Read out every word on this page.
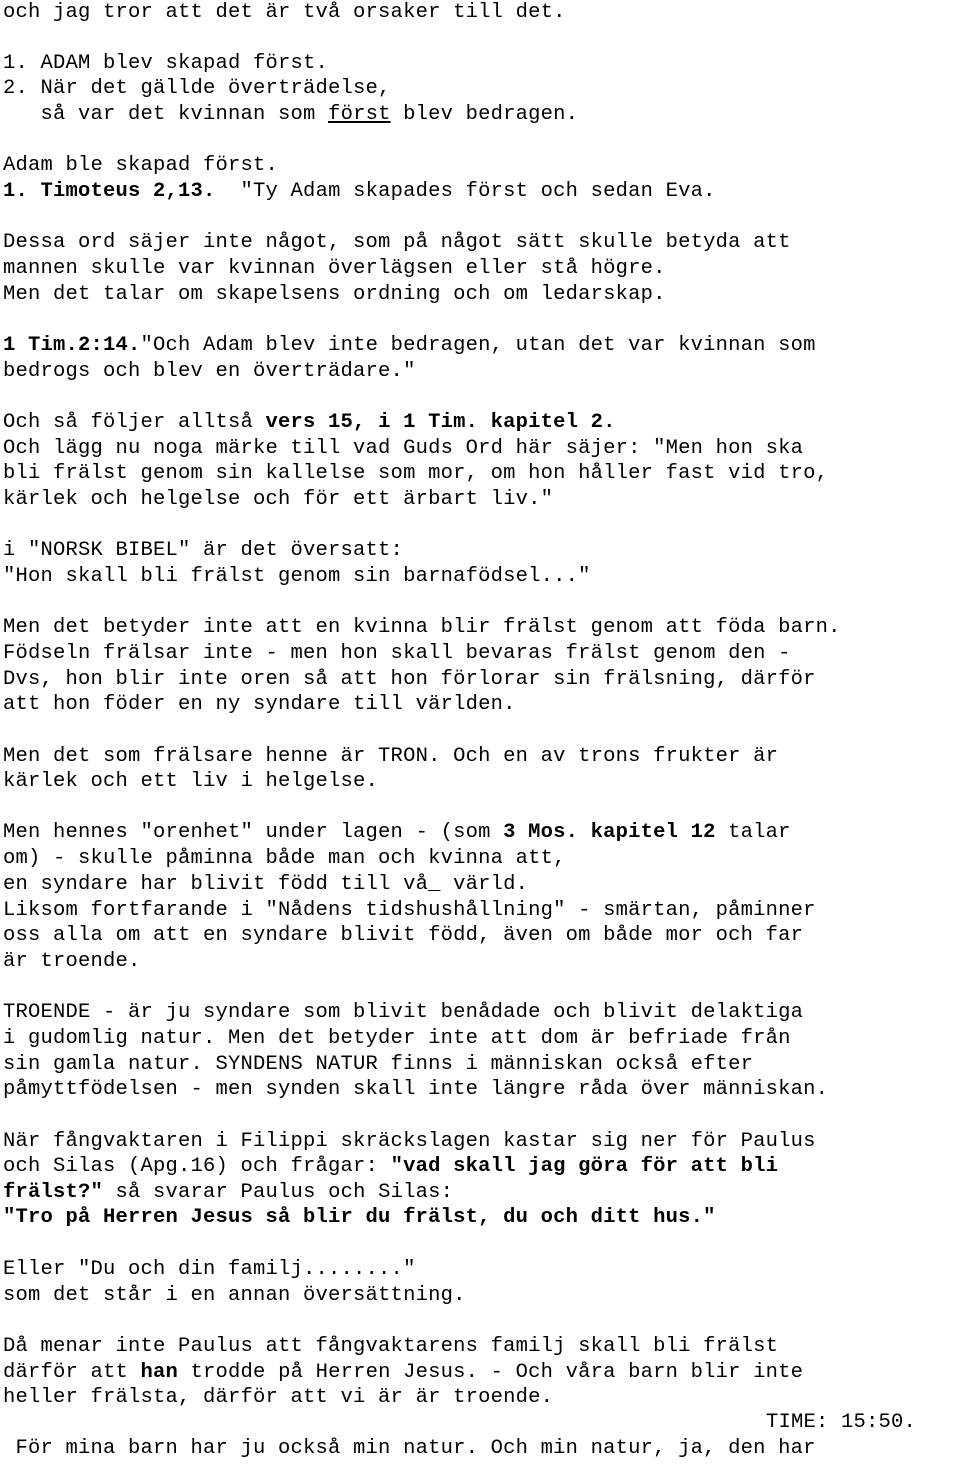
och jag tror att det är två orsaker till det.
1. ADAM blev skapad först.
2. När det gällde överträdelse,
så var det kvinnan som först blev bedragen.
Adam ble skapad först.
1. Timoteus 2,13.  "Ty Adam skapades först och sedan Eva.
Dessa ord säjer inte något, som på något sätt skulle betyda att
mannen skulle var kvinnan överlägsen eller stå högre.
Men det talar om skapelsens ordning och om ledarskap.
1 Tim.2:14."Och Adam blev inte bedragen, utan det var kvinnan som
bedrogs och blev en överträdare."
Och så följer alltså vers 15, i 1 Tim. kapitel 2.
Och lägg nu noga märke till vad Guds Ord här säjer: "Men hon ska
bli frälst genom sin kallelse som mor, om hon håller fast vid tro,
kärlek och helgelse och för ett ärbart liv."
i "NORSK BIBEL" är det översatt:
"Hon skall bli frälst genom sin barnafödsel..."
Men det betyder inte att en kvinna blir frälst genom att föda barn.
Födseln frälsar inte - men hon skall bevaras frälst genom den -
Dvs, hon blir inte oren så att hon förlorar sin frälsning, därför
att hon föder en ny syndare till världen.
Men det som frälsare henne är TRON. Och en av trons frukter är
kärlek och ett liv i helgelse.
Men hennes "orenhet" under lagen - (som 3 Mos. kapitel 12 talar
om) - skulle påminna både man och kvinna att,
en syndare har blivit född till vå_ värld.
Liksom fortfarande i "Nådens tidshushållning" - smärtan, påminner
oss alla om att en syndare blivit född, även om både mor och far
är troende.
TROENDE - är ju syndare som blivit benådade och blivit delaktiga
i gudomlig natur. Men det betyder inte att dom är befriade från
sin gamla natur. SYNDENS NATUR finns i människan också efter
påmyttfödelsen - men synden skall inte längre råda över människan.
När fångvaktaren i Filippi skräckslagen kastar sig ner för Paulus
och Silas (Apg.16) och frågar: "vad skall jag göra för att bli
frälst?" så svarar Paulus och Silas:
"Tro på Herren Jesus så blir du frälst, du och ditt hus."
Eller "Du och din familj........"
som det står i en annan översättning.
Då menar inte Paulus att fångvaktarens familj skall bli frälst
därför att han trodde på Herren Jesus. - Och våra barn blir inte
heller frälsta, därför att vi är är troende.
TIME: 15:50.
För mina barn har ju också min natur. Och min natur, ja, den har
